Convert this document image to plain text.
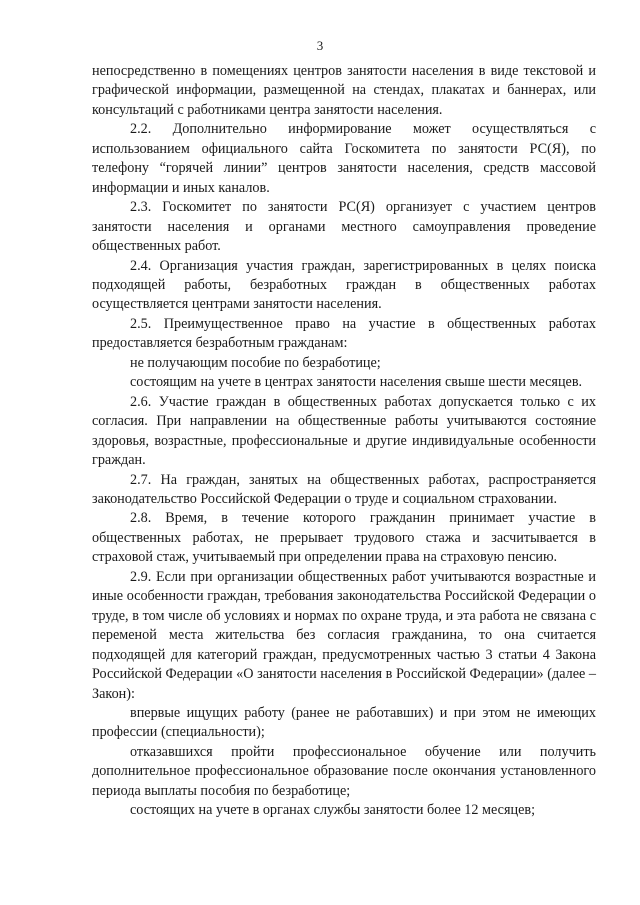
3

непосредственно в помещениях центров занятости населения в виде текстовой и графической информации, размещенной на стендах, плакатах и баннерах, или консультаций с работниками центра занятости населения.

2.2. Дополнительно информирование может осуществляться с использованием официального сайта Госкомитета по занятости РС(Я), по телефону “горячей линии” центров занятости населения, средств массовой информации и иных каналов.

2.3. Госкомитет по занятости РС(Я) организует с участием центров занятости населения и органами местного самоуправления проведение общественных работ.

2.4. Организация участия граждан, зарегистрированных в целях поиска подходящей работы, безработных граждан в общественных работах осуществляется центрами занятости населения.

2.5. Преимущественное право на участие в общественных работах предоставляется безработным гражданам:

не получающим пособие по безработице;

состоящим на учете в центрах занятости населения свыше шести месяцев.

2.6. Участие граждан в общественных работах допускается только с их согласия. При направлении на общественные работы учитываются состояние здоровья, возрастные, профессиональные и другие индивидуальные особенности граждан.

2.7. На граждан, занятых на общественных работах, распространяется законодательство Российской Федерации о труде и социальном страховании.

2.8. Время, в течение которого гражданин принимает участие в общественных работах, не прерывает трудового стажа и засчитывается в страховой стаж, учитываемый при определении права на страховую пенсию.

2.9. Если при организации общественных работ учитываются возрастные и иные особенности граждан, требования законодательства Российской Федерации о труде, в том числе об условиях и нормах по охране труда, и эта работа не связана с переменой места жительства без согласия гражданина, то она считается подходящей для категорий граждан, предусмотренных частью 3 статьи 4 Закона Российской Федерации «О занятости населения в Российской Федерации» (далее – Закон):

впервые ищущих работу (ранее не работавших) и при этом не имеющих профессии (специальности);

отказавшихся пройти профессиональное обучение или получить дополнительное профессиональное образование после окончания установленного периода выплаты пособия по безработице;

состоящих на учете в органах службы занятости более 12 месяцев;
